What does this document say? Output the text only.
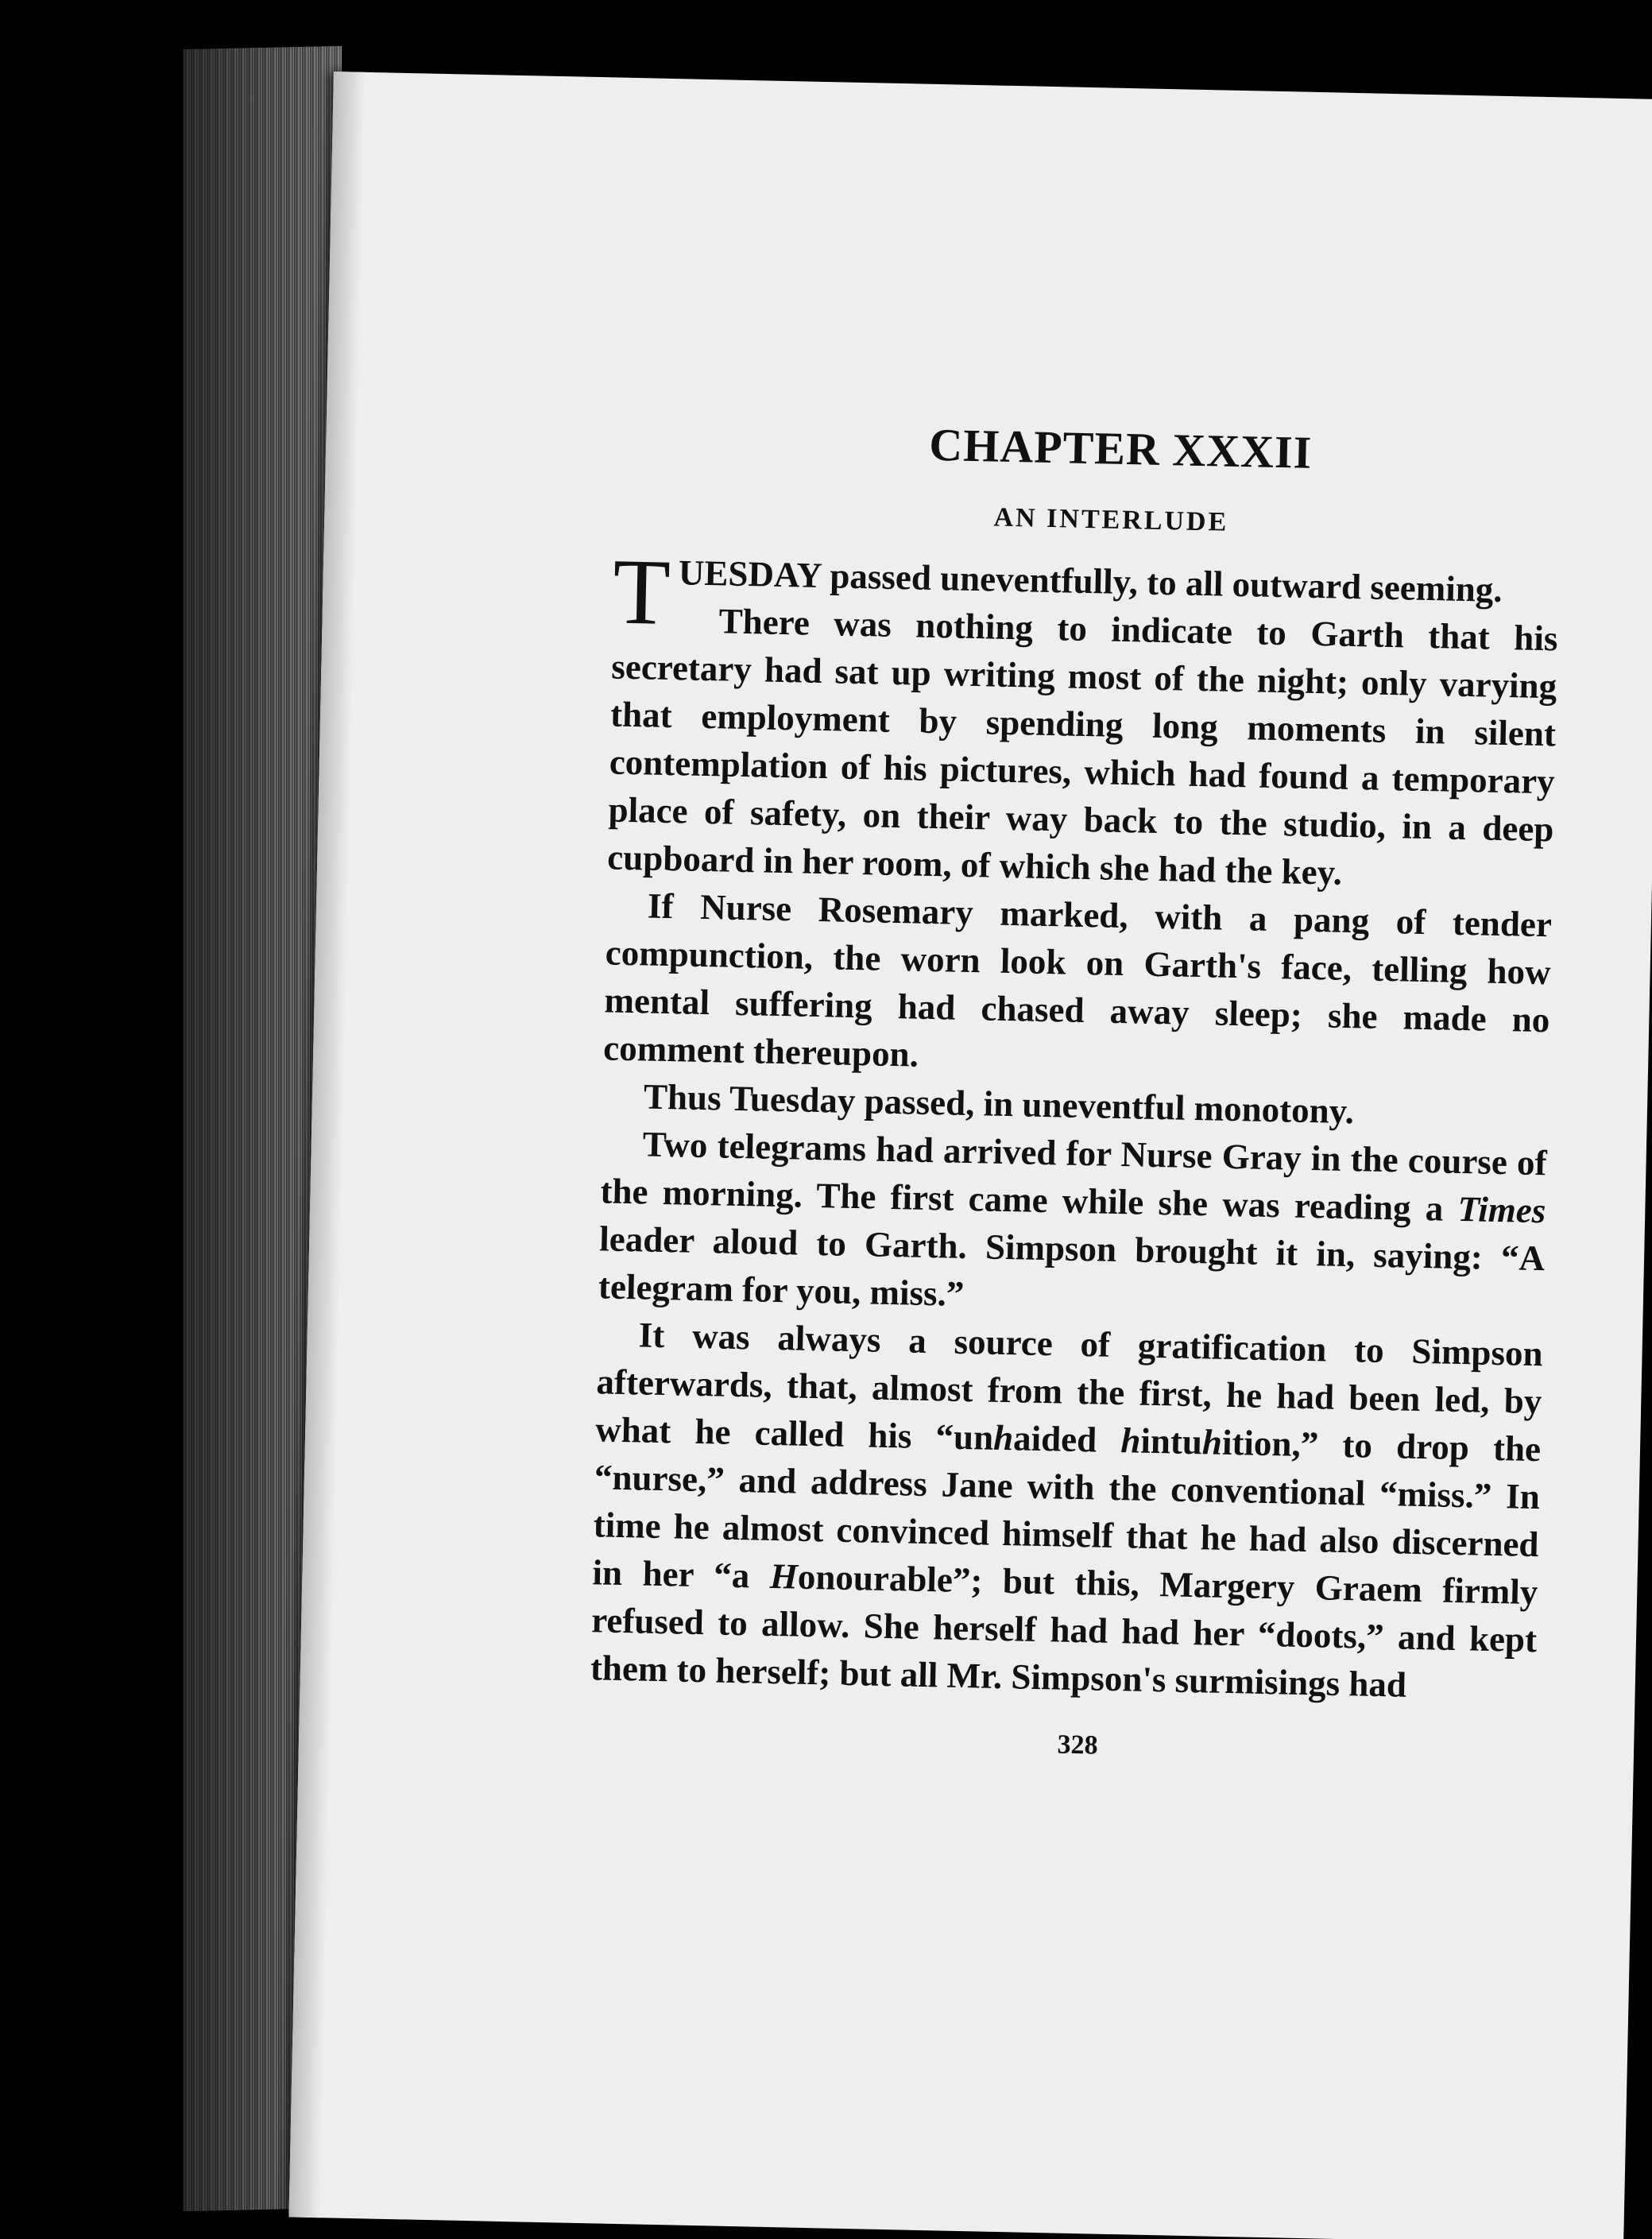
CHAPTER XXXII
AN INTERLUDE

TUESDAY passed uneventfully, to all outward seeming.

There was nothing to indicate to Garth that his secretary had sat up writing most of the night; only varying that employment by spending long moments in silent contemplation of his pictures, which had found a temporary place of safety, on their way back to the studio, in a deep cupboard in her room, of which she had the key.

If Nurse Rosemary marked, with a pang of tender compunction, the worn look on Garth's face, telling how mental suffering had chased away sleep; she made no comment thereupon.

Thus Tuesday passed, in uneventful monotony.

Two telegrams had arrived for Nurse Gray in the course of the morning. The first came while she was reading a Times leader aloud to Garth. Simpson brought it in, saying: “A telegram for you, miss.”

It was always a source of gratification to Simpson afterwards, that, almost from the first, he had been led, by what he called his “unhaided hintuhition,” to drop the “nurse,” and address Jane with the conventional “miss.” In time he almost convinced himself that he had also discerned in her “a Honourable”; but this, Margery Graem firmly refused to allow. She herself had had her “doots,” and kept them to herself; but all Mr. Simpson's surmisings had

328
